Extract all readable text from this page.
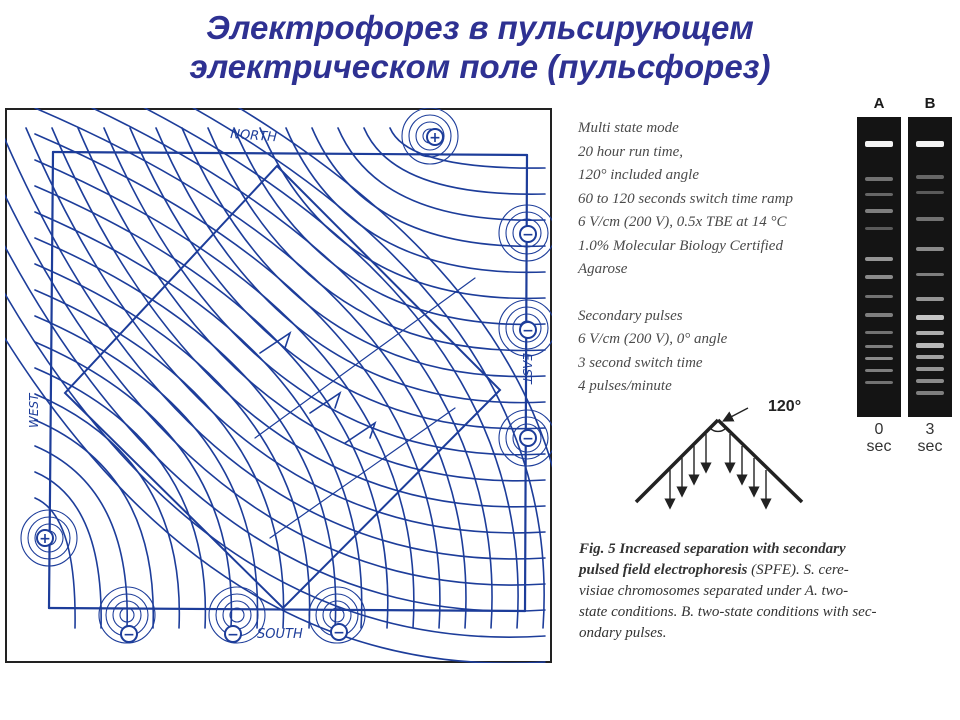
Электрофорез в пульсирующем
электрическом поле (пульсфорез)
+
−
−
−
+
−	−	−
NORTH
SOUTH
EAST
WEST
Multi state mode
20 hour run time,
120° included angle
60 to 120 seconds switch time ramp
6 V/cm (200 V), 0.5x TBE at 14 °C
1.0% Molecular Biology Certified
Agarose
Secondary pulses
6 V/cm (200 V), 0° angle
3 second switch time
4 pulses/minute
120°
A
0
sec
B
3
sec
Fig. 5 Increased separation with secondary
pulsed field electrophoresis (SPFE). S. cere-
visiae chromosomes separated under A. two-
state conditions. B. two-state conditions with sec-
ondary pulses.
